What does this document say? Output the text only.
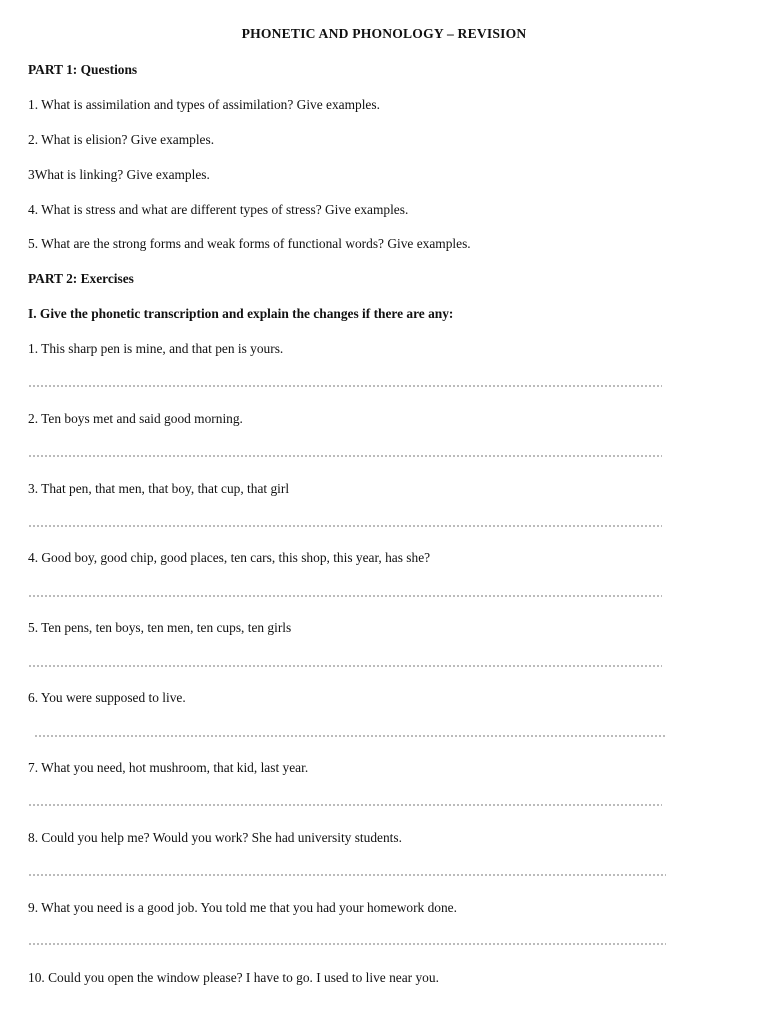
PHONETIC AND PHONOLOGY – REVISION
PART 1: Questions
1. What is assimilation and types of assimilation? Give examples.
2. What is elision? Give examples.
3What is linking? Give examples.
4. What is stress and what are different types of stress? Give examples.
5. What are the strong forms and weak forms of functional words? Give examples.
PART 2: Exercises
I. Give the phonetic transcription and explain the changes if there are any:
1. This sharp pen is mine, and that pen is yours.
2. Ten boys met and said good morning.
3. That pen, that men, that boy, that cup, that girl
4. Good boy, good chip, good places, ten cars, this shop, this year, has she?
5. Ten pens, ten boys, ten men, ten cups, ten girls
6. You were supposed to live.
7. What you need, hot mushroom, that kid, last year.
8. Could you help me? Would you work? She had university students.
9. What you need is a good job. You told me that you had your homework done.
10. Could you open the window please? I have to go. I used to live near you.
